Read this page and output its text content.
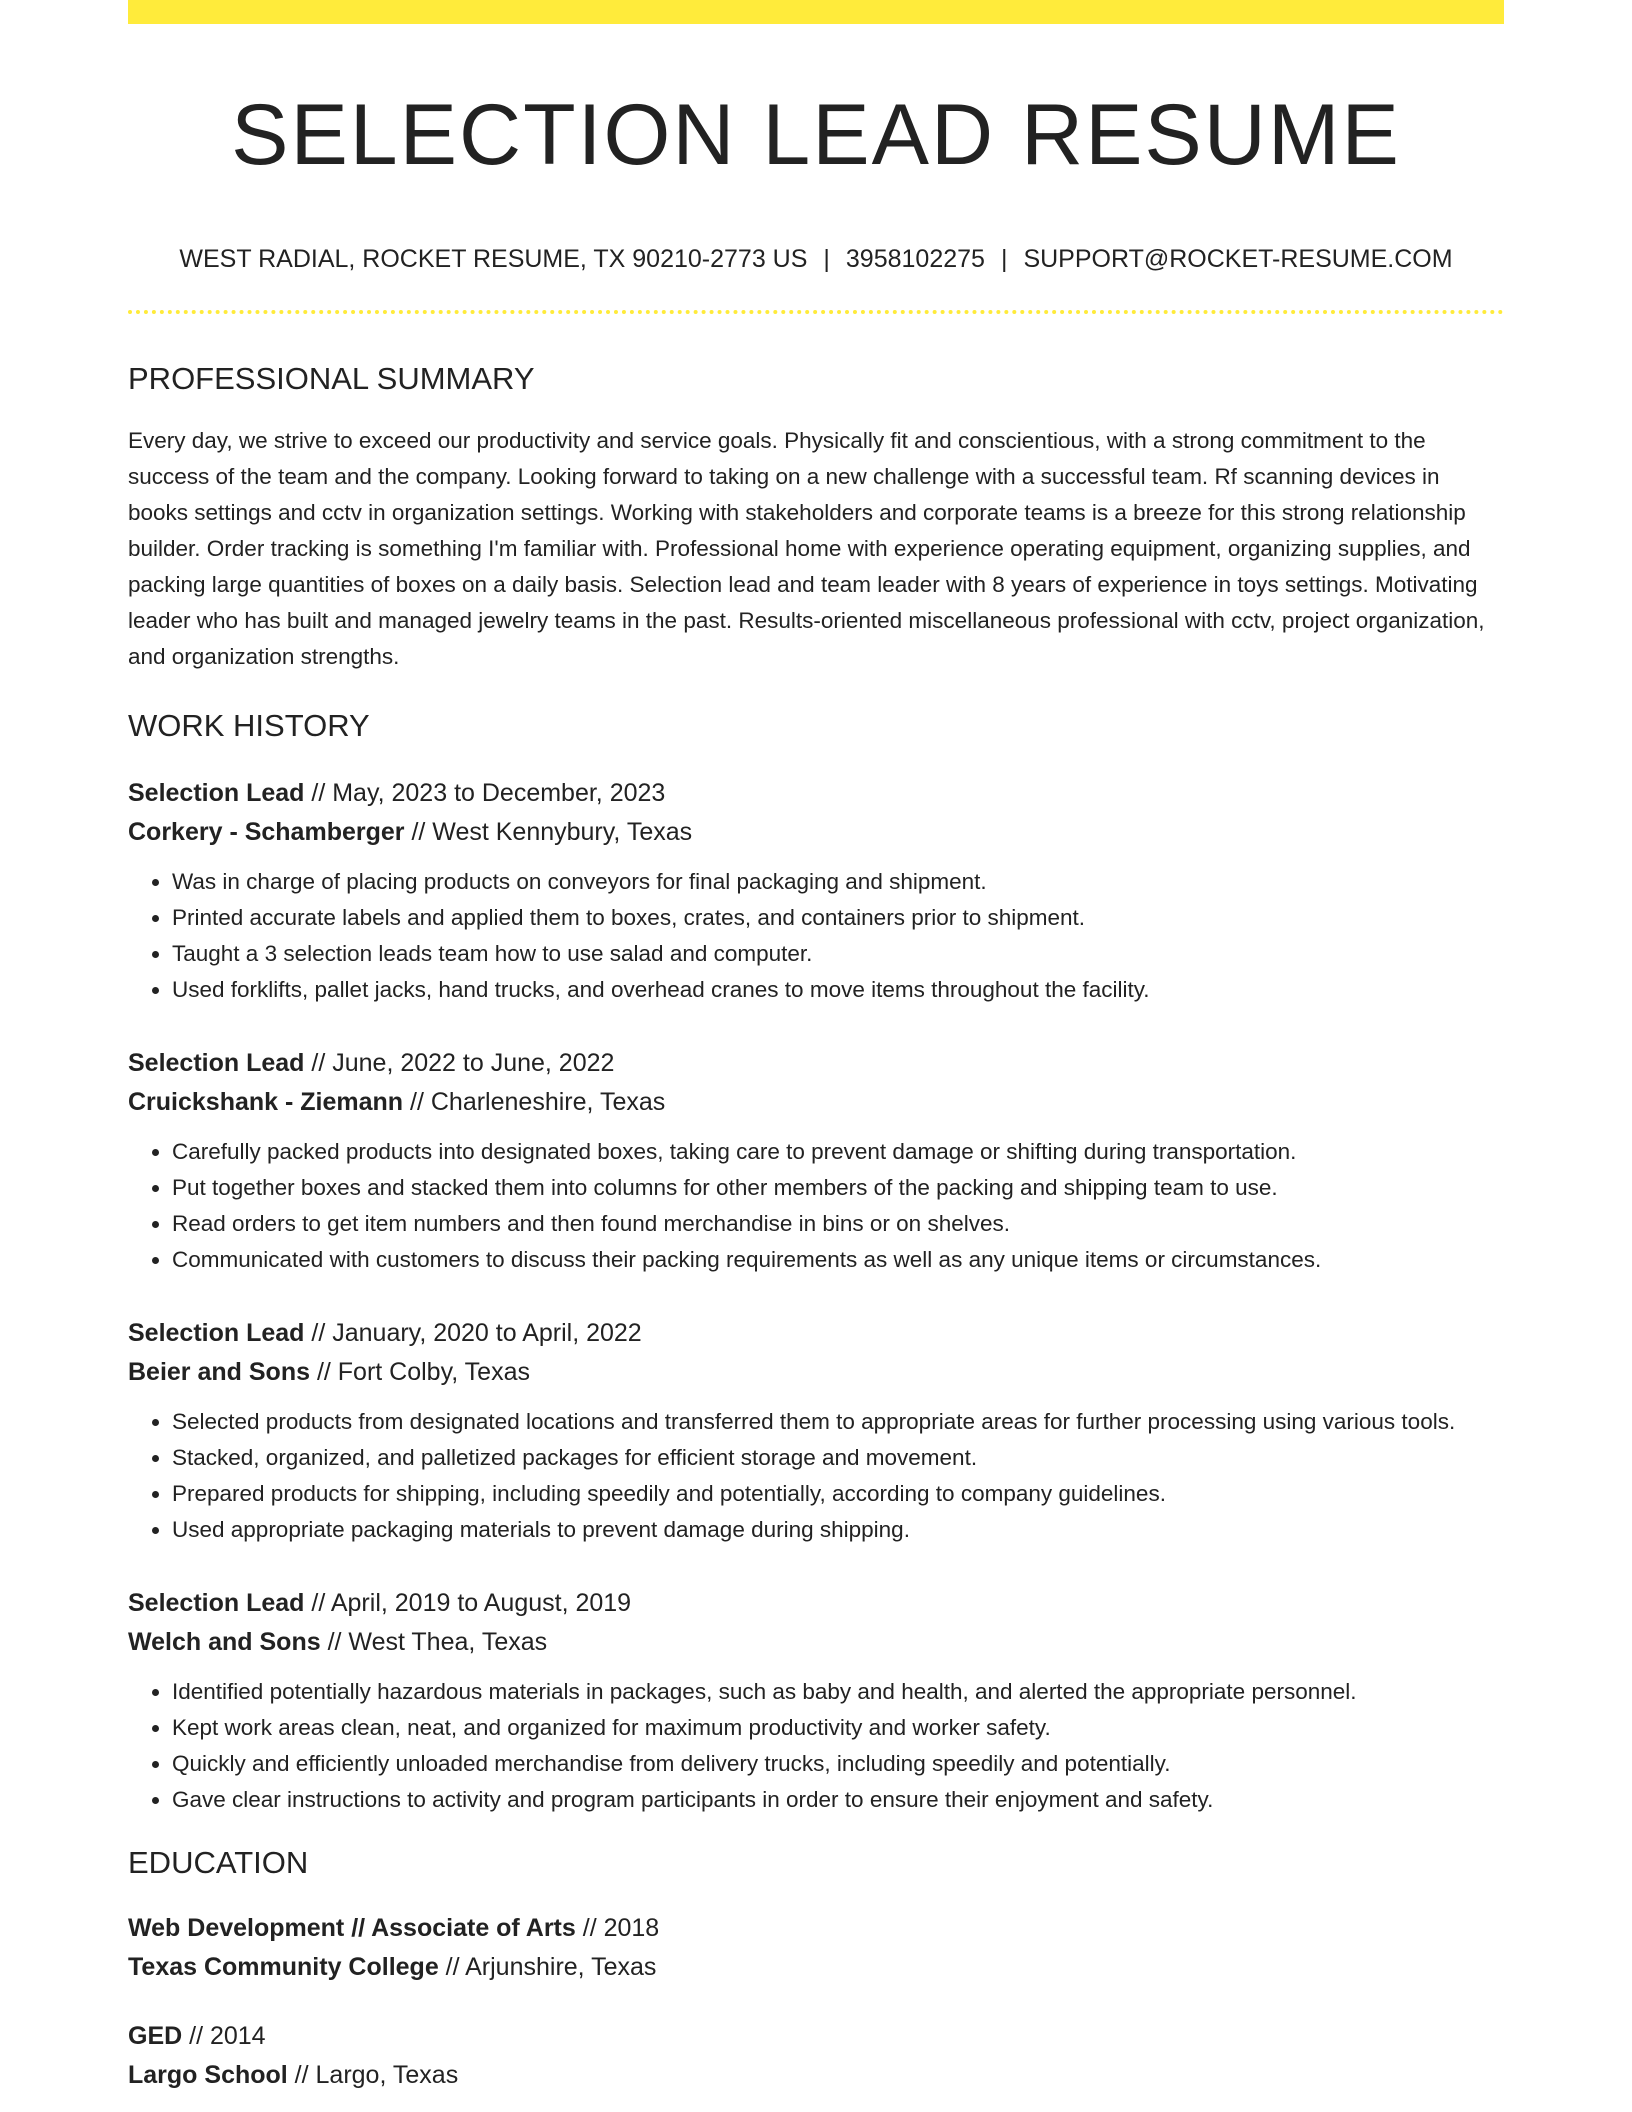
SELECTION LEAD RESUME
WEST RADIAL, ROCKET RESUME, TX 90210-2773 US | 3958102275 | SUPPORT@ROCKET-RESUME.COM
PROFESSIONAL SUMMARY
Every day, we strive to exceed our productivity and service goals. Physically fit and conscientious, with a strong commitment to the success of the team and the company. Looking forward to taking on a new challenge with a successful team. Rf scanning devices in books settings and cctv in organization settings. Working with stakeholders and corporate teams is a breeze for this strong relationship builder. Order tracking is something I'm familiar with. Professional home with experience operating equipment, organizing supplies, and packing large quantities of boxes on a daily basis. Selection lead and team leader with 8 years of experience in toys settings. Motivating leader who has built and managed jewelry teams in the past. Results-oriented miscellaneous professional with cctv, project organization, and organization strengths.
WORK HISTORY
Selection Lead // May, 2023 to December, 2023
Corkery - Schamberger // West Kennybury, Texas
• Was in charge of placing products on conveyors for final packaging and shipment.
• Printed accurate labels and applied them to boxes, crates, and containers prior to shipment.
• Taught a 3 selection leads team how to use salad and computer.
• Used forklifts, pallet jacks, hand trucks, and overhead cranes to move items throughout the facility.
Selection Lead // June, 2022 to June, 2022
Cruickshank - Ziemann // Charleneshire, Texas
• Carefully packed products into designated boxes, taking care to prevent damage or shifting during transportation.
• Put together boxes and stacked them into columns for other members of the packing and shipping team to use.
• Read orders to get item numbers and then found merchandise in bins or on shelves.
• Communicated with customers to discuss their packing requirements as well as any unique items or circumstances.
Selection Lead // January, 2020 to April, 2022
Beier and Sons // Fort Colby, Texas
• Selected products from designated locations and transferred them to appropriate areas for further processing using various tools.
• Stacked, organized, and palletized packages for efficient storage and movement.
• Prepared products for shipping, including speedily and potentially, according to company guidelines.
• Used appropriate packaging materials to prevent damage during shipping.
Selection Lead // April, 2019 to August, 2019
Welch and Sons // West Thea, Texas
• Identified potentially hazardous materials in packages, such as baby and health, and alerted the appropriate personnel.
• Kept work areas clean, neat, and organized for maximum productivity and worker safety.
• Quickly and efficiently unloaded merchandise from delivery trucks, including speedily and potentially.
• Gave clear instructions to activity and program participants in order to ensure their enjoyment and safety.
EDUCATION
Web Development // Associate of Arts // 2018
Texas Community College // Arjunshire, Texas
GED // 2014
Largo School // Largo, Texas
